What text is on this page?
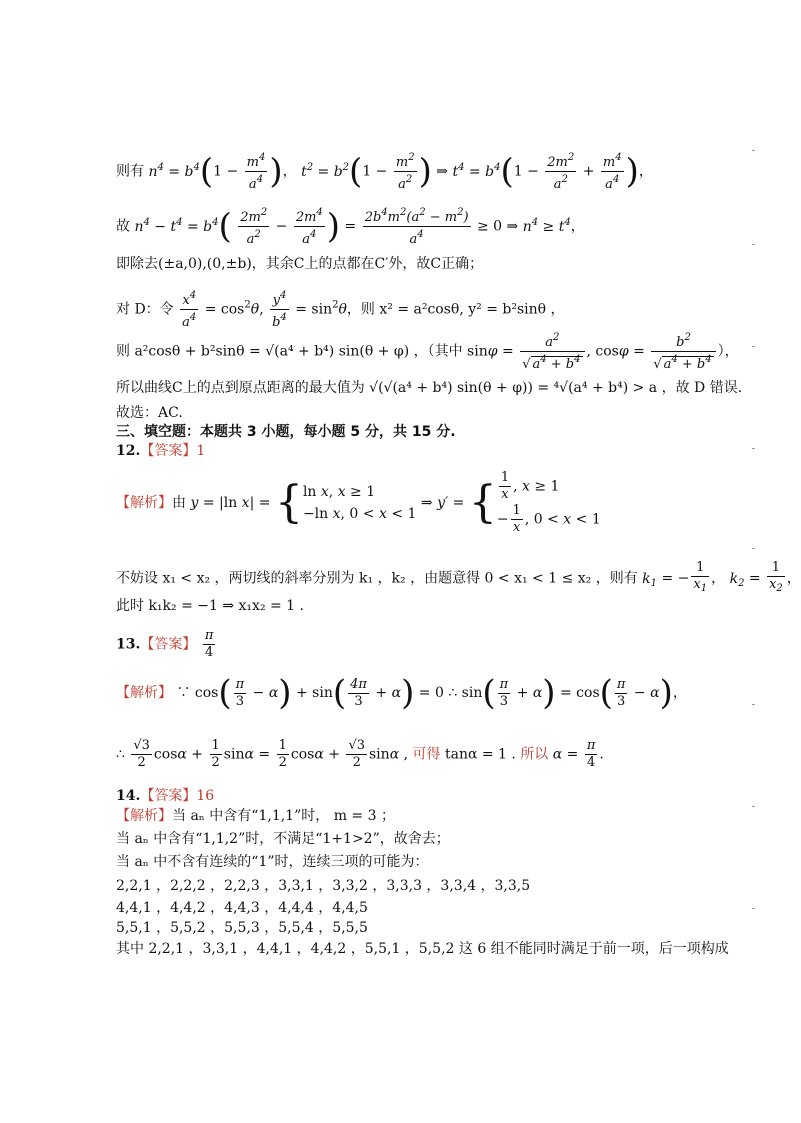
则有 $n^4 = b^4(1 - \frac{m^4}{a^4}$ )， $t^2 = b^2(1 - \frac{m^2}{a^2}$ ) ⇒ $t^4 = b^4(1 - \frac{2m^2}{a^2} + \frac{m^4}{a^4}$ )，
故 $n^4 - t^4 = b^4( \frac{2m^2}{a^2} - \frac{2m^4}{a^4}$ ) = $\frac{2b^4m^2(a^2 - m^2)}{a^4} \ge 0$ ⇒ $n^4 \ge t^4$，
即除去(±a,0),(0,±b)，其余C上的点都在C′外，故C正确；
对 D：令 $\frac{x^4}{a^4} = \cos^2\theta$, $\frac{y^4}{b^4} = \sin^2\theta$，则 x² = a²cosθ, y² = b²sinθ ，
则 a²cosθ + b²sinθ = √(a⁴ + b⁴) sin(θ + φ) ，（其中 $\sin\varphi = \frac{a^2}{√ a^4 + b^4}$ , $\cos\varphi = \frac{b^2}{√ a^4 + b^4}$ ），
所以曲线C上的点到原点距离的最大值为 √(√(a⁴ + b⁴) sin(θ + φ)) = ⁴√(a⁴ + b⁴) > a ，故 D 错误.
故选：AC.
三、填空题：本题共 3 小题，每小题 5 分，共 15 分.
12.【答案】1
【解析】由 y = |ln x| = { ln x, x ≥ 1
−ln x, 0 < x < 1
⇒ y′ = { $\frac{1}{x}$ , x ≥ 1
− $\frac{1}{x}$ , 0 < x < 1
不妨设 x₁ < x₂ ，两切线的斜率分别为 k₁ ，k₂ ，由题意得 0 < x₁ < 1 ≤ x₂ ，则有 $k_1$ = − $\frac{1}{x_1}$ ， $k_2 = \frac{1}{x_2}$ ，
此时 k₁k₂ = −1 ⇒ x₁x₂ = 1 .
13.【答案】 $\frac{\pi}{4}$
【解析】 ∵ $\cos( \frac{\pi}{3} - \alpha) + \sin( \frac{4\pi}{3} + \alpha) = 0$ ∴ $\sin( \frac{\pi}{3} + \alpha) = \cos( \frac{\pi}{3} - \alpha)$，
∴ $\frac{√3}{2}$ $\cos\alpha + \frac{1}{2}$ $\sin\alpha = \frac{1}{2}$ $\cos\alpha + \frac{√3}{2}$ sinα , 可得 tanα = 1 . 所以 $\alpha = \frac{\pi}{4}$ .
14.【答案】16
【解析】当 aₙ 中含有“1,1,1”时， m = 3 ；
当 aₙ 中含有“1,1,2”时，不满足“1+1>2”，故舍去；
当 aₙ 中不含有连续的“1”时，连续三项的可能为：
2,2,1 ，2,2,2 ，2,2,3 ，3,3,1 ，3,3,2 ，3,3,3 ，3,3,4 ，3,3,5
4,4,1 ，4,4,2 ，4,4,3 ，4,4,4 ，4,4,5
5,5,1 ，5,5,2 ，5,5,3 ，5,5,4 ，5,5,5
其中 2,2,1 ，3,3,1 ，4,4,1 ，4,4,2 ，5,5,1 ，5,5,2 这 6 组不能同时满足于前一项，后一项构成
